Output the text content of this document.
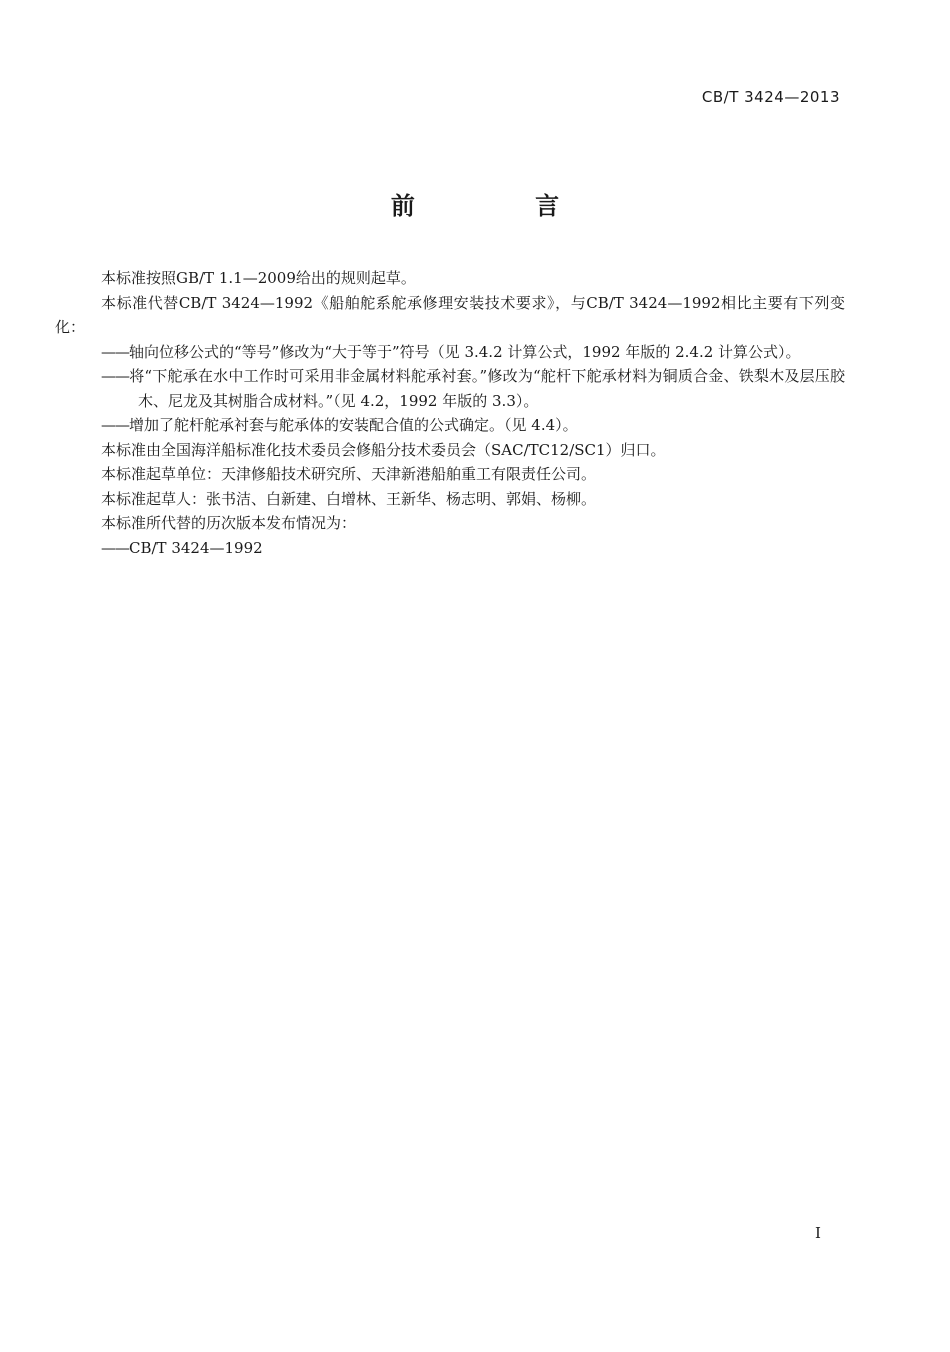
CB/T 3424—2013
前 言

本标准按照GB/T 1.1—2009给出的规则起草。

本标准代替CB/T 3424—1992《船舶舵系舵承修理安装技术要求》，与CB/T 3424—1992相比主要有下列变化：

——轴向位移公式的“等号”修改为“大于等于”符号（见 3.4.2 计算公式，1992 年版的 2.4.2 计算公式）。

——将“下舵承在水中工作时可采用非金属材料舵承衬套。”修改为“舵杆下舵承材料为铜质合金、铁梨木及层压胶木、尼龙及其树脂合成材料。”（见 4.2，1992 年版的 3.3）。

——增加了舵杆舵承衬套与舵承体的安装配合值的公式确定。（见 4.4）。

本标准由全国海洋船标准化技术委员会修船分技术委员会（SAC/TC12/SC1）归口。

本标准起草单位：天津修船技术研究所、天津新港船舶重工有限责任公司。

本标准起草人：张书洁、白新建、白增林、王新华、杨志明、郭娟、杨柳。

本标准所代替的历次版本发布情况为：

——CB/T 3424—1992

I
